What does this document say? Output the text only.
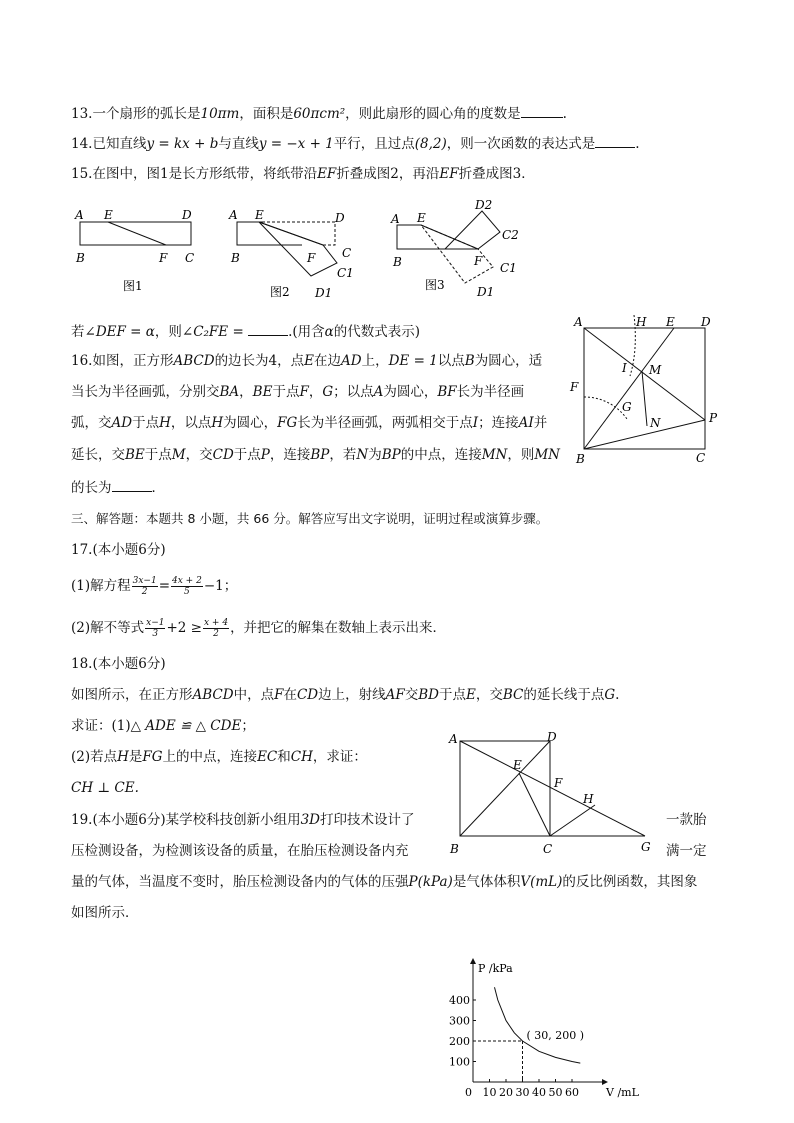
13.一个扇形的弧长是10πm，面积是60πcm²，则此扇形的圆心角的度数是	.
14.已知直线y = kx + b与直线y = −x + 1平行，且过点(8,2)，则一次函数的表达式是	.
15.在图中，图1是长方形纸带，将纸带沿EF折叠成图2，再沿EF折叠成图3．
A E	D
B	F C
图1
A E	D
C
B	F
C1
D1
图2
A E
D2
C2
B	F C1
D1
图3
若∠DEF = α，则∠C₂FE =	.(用含α的代数式表示)
16.如图，正方形ABCD的边长为4，点E在边AD上，DE = 1以点B为圆心，适
当长为半径画弧，分别交BA，BE于点F，G；以点A为圆心，BF长为半径画
弧，交AD于点H，以点H为圆心，FG长为半径画弧，两弧相交于点I；连接AI并
延长，交BE于点M，交CD于点P，连接BP，若N为BP的中点，连接MN，则MN
的长为	．
A	H E D
I M
F
G
P
N
B	C
三、解答题：本题共 8 小题，共 66 分。解答应写出文字说明，证明过程或演算步骤。
17.(本小题6分)
(1)解方程 $\frac{3x-1}{2} = \frac{4x + 2}{5} -1$；
(2)解不等式 $\frac{x-1}{3} +2 \ge \frac{x + 4}{2}$ ，并把它的解集在数轴上表示出来．
18.(本小题6分)
如图所示，在正方形ABCD中，点F在CD边上，射线AF交BD于点E，交BC的延长线于点G.
求证：(1)△ ADE ≌ △ CDE；
(2)若点H是FG上的中点，连接EC和CH，求证：
CH ⊥ CE.
A	D
E
F
H
B	C	G
19.(本小题6分)某学校科技创新小组用3D打印技术设计了	一款胎
压检测设备，为检测该设备的质量，在胎压检测设备内充	满一定
量的气体，当温度不变时，胎压检测设备内的气体的压强P(kPa)是气体体积V(mL)的反比例函数，其图象
如图所示．
V /mL
P /kPa
0 10 20 30 40 50 60
100
200
300
400
( 30, 200 )
